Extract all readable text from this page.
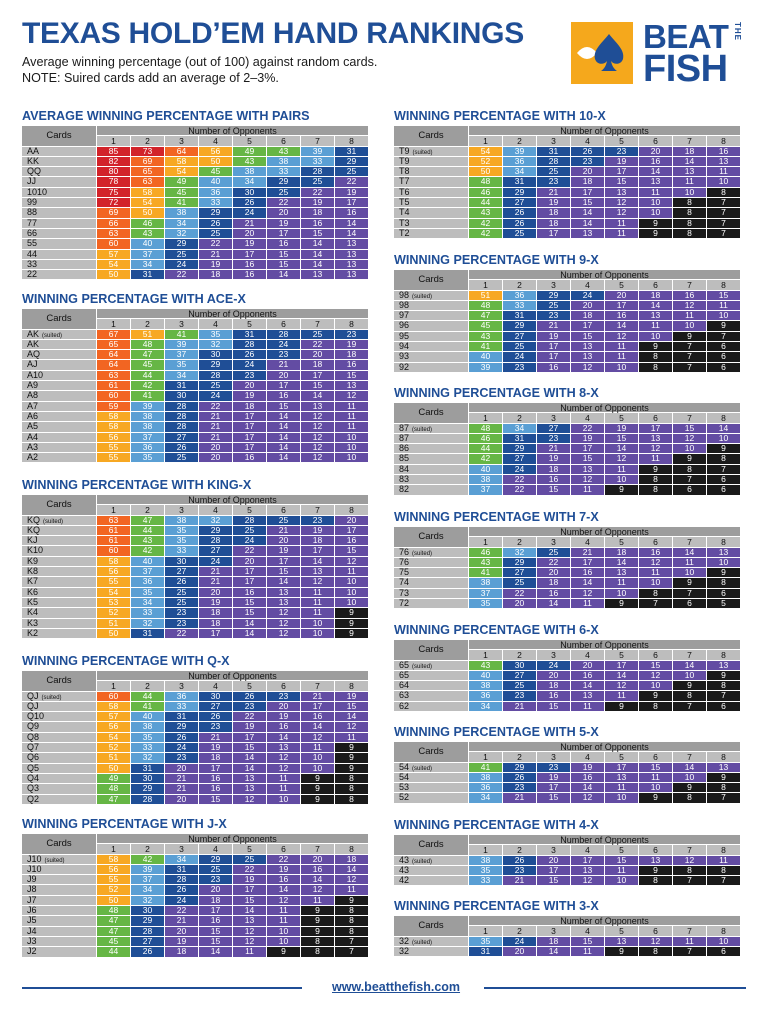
TEXAS HOLD’EM HAND RANKINGS

Average winning percentage (out of 100) against random cards.

NOTE: Suired cards add an average of 2–3%.

BEAT THE
FISH
AVERAGE WINNING PERCENTAGE WITH PAIRS
Cards	Number of Opponents
1	2	3	4	5	6	7	8
AA	85	73	64	56	49	43	39	31
KK	82	69	58	50	43	38	33	29
QQ	80	65	54	45	38	33	28	25
JJ	78	63	49	40	34	29	25	22
1010	75	58	45	36	30	25	22	19
99	72	54	41	33	26	22	19	17
88	69	50	38	29	24	20	18	16
77	66	46	34	26	21	19	16	14
66	63	43	32	25	20	17	15	14
55	60	40	29	22	19	16	14	13
44	57	37	25	21	17	15	14	13
33	54	34	24	19	16	15	14	13
22	50	31	22	18	16	14	13	13
WINNING PERCENTAGE WITH ACE-X
Cards	Number of Opponents
1	2	3	4	5	6	7	8
AK (suited)	67	51	41	35	31	28	25	23
AK	65	48	39	32	28	24	22	19
AQ	64	47	37	30	26	23	20	18
AJ	64	45	35	29	24	21	18	16
A10	63	44	34	28	23	20	17	15
A9	61	42	31	25	20	17	15	13
A8	60	41	30	24	19	16	14	12
A7	59	39	28	22	18	15	13	11
A6	58	38	28	21	17	14	12	11
A5	58	38	28	21	17	14	12	11
A4	56	37	27	21	17	14	12	10
A3	55	36	26	20	17	14	12	10
A2	55	35	25	20	16	14	12	10
WINNING PERCENTAGE WITH KING-X
Cards	Number of Opponents
1	2	3	4	5	6	7	8
KQ (suited)	63	47	38	32	28	25	23	20
KQ	61	44	35	29	25	21	19	17
KJ	61	43	35	28	24	20	18	16
K10	60	42	33	27	22	19	17	15
K9	58	40	30	24	20	17	14	12
K8	56	37	27	21	17	15	13	11
K7	55	36	26	21	17	14	12	10
K6	54	35	25	20	16	13	11	10
K5	53	34	25	19	15	13	11	10
K4	52	33	23	18	15	12	11	9
K3	51	32	23	18	14	12	10	9
K2	50	31	22	17	14	12	10	9
WINNING PERCENTAGE WITH Q-X
Cards	Number of Opponents
1	2	3	4	5	6	7	8
QJ (suited)	60	44	36	30	26	23	21	19
QJ	58	41	33	27	23	20	17	15
Q10	57	40	31	26	22	19	16	14
Q9	56	38	29	23	19	16	14	12
Q8	54	35	26	21	17	14	12	11
Q7	52	33	24	19	15	13	11	9
Q6	51	32	23	18	14	12	10	9
Q5	50	31	20	17	14	12	10	9
Q4	49	30	21	16	13	11	9	8
Q3	48	29	21	16	13	11	9	8
Q2	47	28	20	15	12	10	9	8
WINNING PERCENTAGE WITH J-X
Cards	Number of Opponents
1	2	3	4	5	6	7	8
J10 (suited)	58	42	34	29	25	22	20	18
J10	56	39	31	25	22	19	16	14
J9	55	37	28	23	19	16	14	12
J8	52	34	26	20	17	14	12	11
J7	50	32	24	18	15	12	11	9
J6	48	30	22	17	14	11	9	8
J5	47	29	21	16	13	11	9	8
J4	47	28	20	15	12	10	9	8
J3	45	27	19	15	12	10	8	7
J2	44	26	18	14	11	9	8	7
WINNING PERCENTAGE WITH 10-X
Cards	Number of Opponents
1	2	3	4	5	6	7	8
T9 (suited)	54	39	31	26	23	20	18	16
T9	52	36	28	23	19	16	14	13
T8	50	34	25	20	17	14	13	11
T7	48	31	23	18	15	13	11	10
T6	46	29	21	17	13	11	10	8
T5	44	27	19	15	12	10	8	7
T4	43	26	18	14	12	10	8	7
T3	42	26	18	14	11	9	8	7
T2	42	25	17	13	11	9	8	7
WINNING PERCENTAGE WITH 9-X
Cards	Number of Opponents
1	2	3	4	5	6	7	8
98 (suited)	51	36	29	24	20	18	16	15
98	48	33	25	20	17	14	12	11
97	47	31	23	18	16	13	11	10
96	45	29	21	17	14	11	10	9
95	43	27	19	15	12	10	9	7
94	41	25	17	13	11	9	7	6
93	40	24	17	13	11	8	7	6
92	39	23	16	12	10	8	7	6
WINNING PERCENTAGE WITH 8-X
Cards	Number of Opponents
1	2	3	4	5	6	7	8
87 (suited)	48	34	27	22	19	17	15	14
87	46	31	23	19	15	13	12	10
86	44	29	21	17	14	12	10	9
85	42	27	19	15	12	11	9	8
84	40	24	18	13	11	9	8	7
83	38	22	16	12	10	8	7	6
82	37	22	15	11	9	8	6	6
WINNING PERCENTAGE WITH 7-X
Cards	Number of Opponents
1	2	3	4	5	6	7	8
76 (suited)	46	32	25	21	18	16	14	13
76	43	29	22	17	14	12	11	10
75	41	27	20	16	13	11	10	9
74	38	25	18	14	11	10	9	8
73	37	22	16	12	10	8	7	6
72	35	20	14	11	9	7	6	5
WINNING PERCENTAGE WITH 6-X
Cards	Number of Opponents
1	2	3	4	5	6	7	8
65 (suited)	43	30	24	20	17	15	14	13
65	40	27	20	16	14	12	10	9
64	38	25	18	14	12	10	9	8
63	36	23	16	13	11	9	8	7
62	34	21	15	11	9	8	7	6
WINNING PERCENTAGE WITH 5-X
Cards	Number of Opponents
1	2	3	4	5	6	7	8
54 (suited)	41	29	23	19	17	15	14	13
54	38	26	19	16	13	11	10	9
53	36	23	17	14	11	10	9	8
52	34	21	15	12	10	9	8	7
WINNING PERCENTAGE WITH 4-X
Cards	Number of Opponents
1	2	3	4	5	6	7	8
43 (suited)	38	26	20	17	15	13	12	11
43	35	23	17	13	11	9	8	8
42	33	21	15	12	10	8	7	7
WINNING PERCENTAGE WITH 3-X
Cards	Number of Opponents
1	2	3	4	5	6	7	8
32 (suited)	35	24	18	15	13	12	11	10
32	31	20	14	11	9	8	7	6
www.beatthefish.com
